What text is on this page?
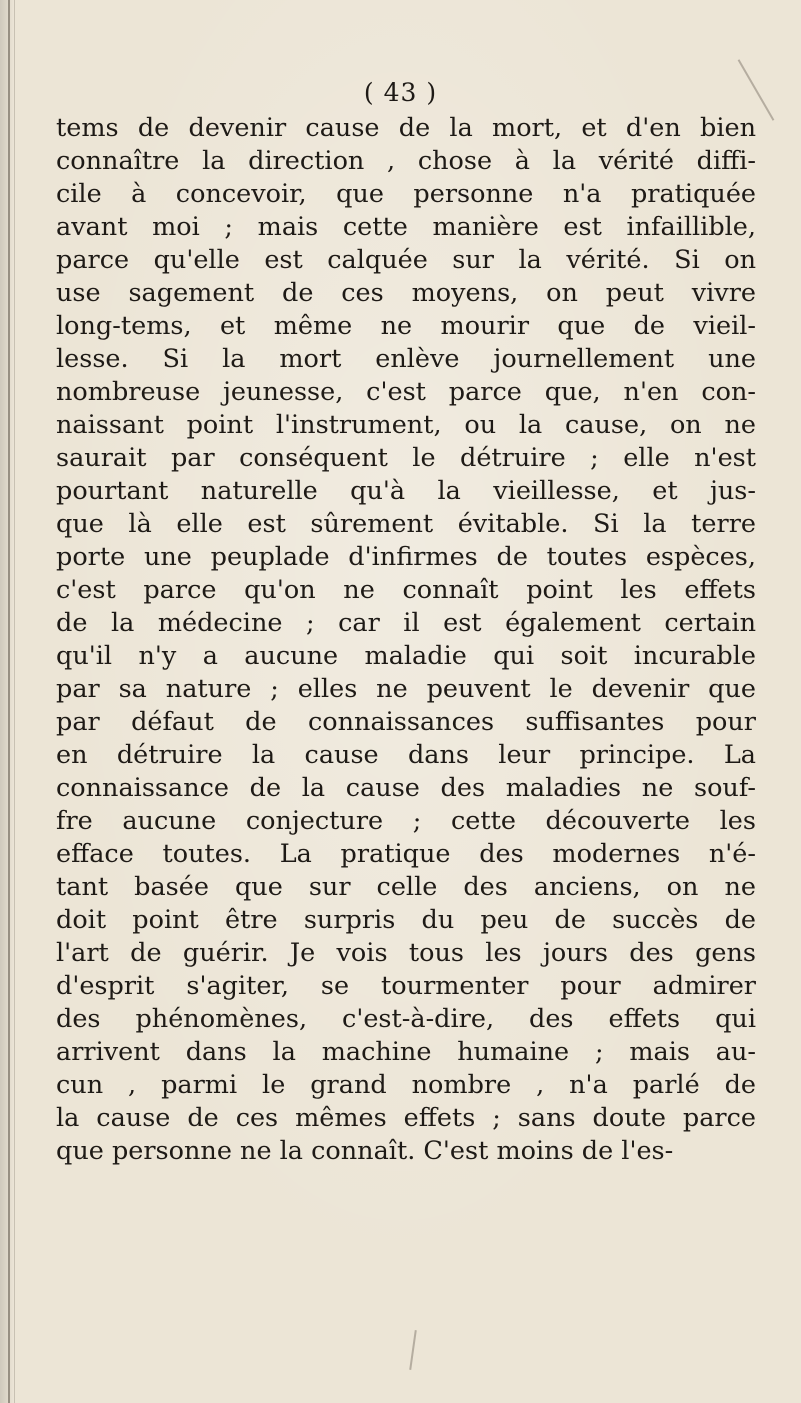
( 43 )
tems de devenir cause de la mort, et d'en bien
connaître la direction , chose à la vérité diffi-
cile à concevoir, que personne n'a pratiquée
avant moi ; mais cette manière est infaillible,
parce qu'elle est calquée sur la vérité. Si on
use sagement de ces moyens, on peut vivre
long-tems, et même ne mourir que de vieil-
lesse. Si la mort enlève journellement une
nombreuse jeunesse, c'est parce que, n'en con-
naissant point l'instrument, ou la cause, on ne
saurait par conséquent le détruire ; elle n'est
pourtant naturelle qu'à la vieillesse, et jus-
que là elle est sûrement évitable. Si la terre
porte une peuplade d'infirmes de toutes espèces,
c'est parce qu'on ne connaît point les effets
de la médecine ; car il est également certain
qu'il n'y a aucune maladie qui soit incurable
par sa nature ; elles ne peuvent le devenir que
par défaut de connaissances suffisantes pour
en détruire la cause dans leur principe. La
connaissance de la cause des maladies ne souf-
fre aucune conjecture ; cette découverte les
efface toutes. La pratique des modernes n'é-
tant basée que sur celle des anciens, on ne
doit point être surpris du peu de succès de
l'art de guérir. Je vois tous les jours des gens
d'esprit s'agiter, se tourmenter pour admirer
des phénomènes, c'est-à-dire, des effets qui
arrivent dans la machine humaine ; mais au-
cun , parmi le grand nombre , n'a parlé de
la cause de ces mêmes effets ; sans doute parce
que personne ne la connaît. C'est moins de l'es-
